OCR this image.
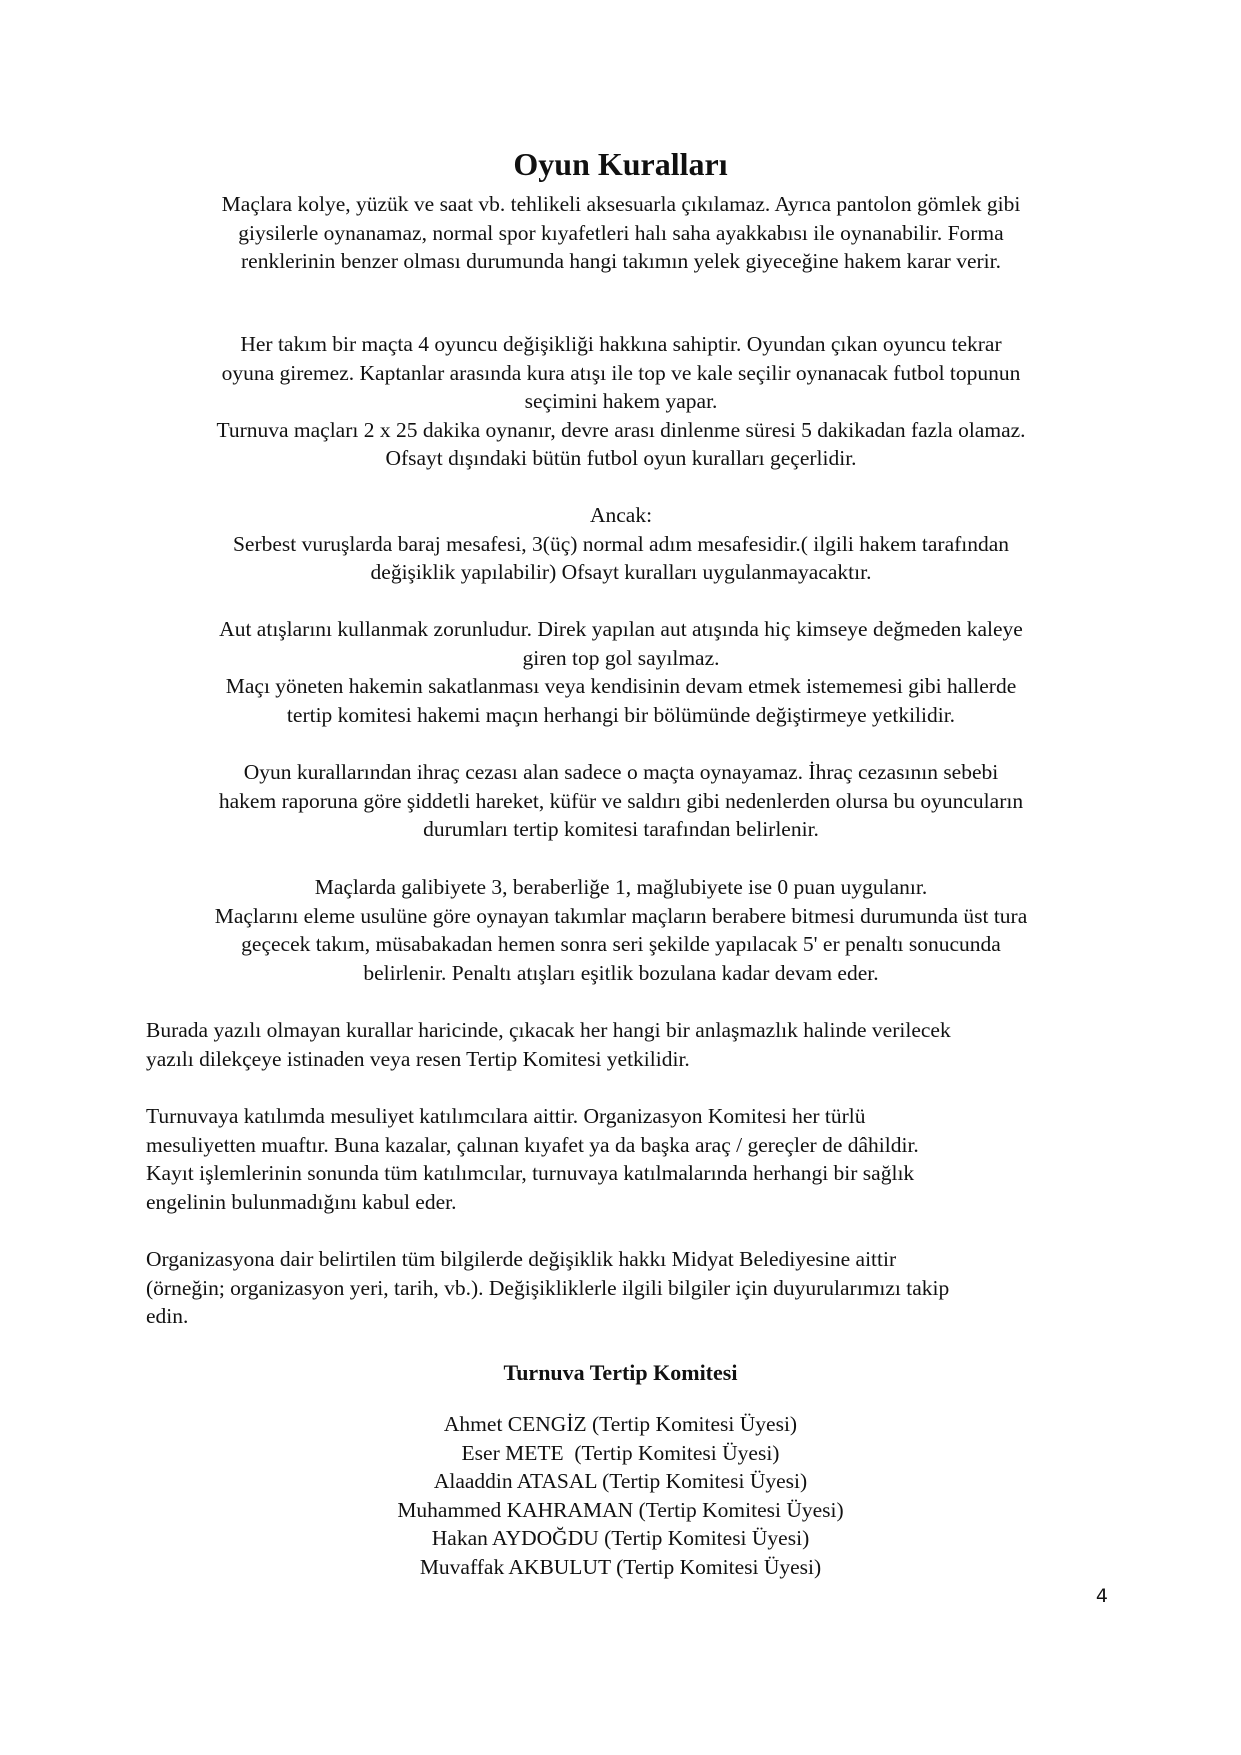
Oyun Kuralları
Maçlara kolye, yüzük ve saat vb. tehlikeli aksesuarla çıkılamaz. Ayrıca pantolon gömlek gibi
giysilerle oynanamaz, normal spor kıyafetleri halı saha ayakkabısı ile oynanabilir. Forma
renklerinin benzer olması durumunda hangi takımın yelek giyeceğine hakem karar verir.
Her takım bir maçta 4 oyuncu değişikliği hakkına sahiptir. Oyundan çıkan oyuncu tekrar
oyuna giremez. Kaptanlar arasında kura atışı ile top ve kale seçilir oynanacak futbol topunun
seçimini hakem yapar.
Turnuva maçları 2 x 25 dakika oynanır, devre arası dinlenme süresi 5 dakikadan fazla olamaz.
Ofsayt dışındaki bütün futbol oyun kuralları geçerlidir.
Ancak:
Serbest vuruşlarda baraj mesafesi, 3(üç) normal adım mesafesidir.( ilgili hakem tarafından
değişiklik yapılabilir) Ofsayt kuralları uygulanmayacaktır.
Aut atışlarını kullanmak zorunludur. Direk yapılan aut atışında hiç kimseye değmeden kaleye
giren top gol sayılmaz.
Maçı yöneten hakemin sakatlanması veya kendisinin devam etmek istememesi gibi hallerde
tertip komitesi hakemi maçın herhangi bir bölümünde değiştirmeye yetkilidir.
Oyun kurallarından ihraç cezası alan sadece o maçta oynayamaz. İhraç cezasının sebebi
hakem raporuna göre şiddetli hareket, küfür ve saldırı gibi nedenlerden olursa bu oyuncuların
durumları tertip komitesi tarafından belirlenir.
Maçlarda galibiyete 3, beraberliğe 1, mağlubiyete ise 0 puan uygulanır.
Maçlarını eleme usulüne göre oynayan takımlar maçların berabere bitmesi durumunda üst tura
geçecek takım, müsabakadan hemen sonra seri şekilde yapılacak 5' er penaltı sonucunda
belirlenir. Penaltı atışları eşitlik bozulana kadar devam eder.
Burada yazılı olmayan kurallar haricinde, çıkacak her hangi bir anlaşmazlık halinde verilecek
yazılı dilekçeye istinaden veya resen Tertip Komitesi yetkilidir.
Turnuvaya katılımda mesuliyet katılımcılara aittir. Organizasyon Komitesi her türlü
mesuliyetten muaftır. Buna kazalar, çalınan kıyafet ya da başka araç / gereçler de dâhildir.
Kayıt işlemlerinin sonunda tüm katılımcılar, turnuvaya katılmalarında herhangi bir sağlık
engelinin bulunmadığını kabul eder.
Organizasyona dair belirtilen tüm bilgilerde değişiklik hakkı Midyat Belediyesine aittir
(örneğin; organizasyon yeri, tarih, vb.). Değişikliklerle ilgili bilgiler için duyurularımızı takip
edin.
Turnuva Tertip Komitesi
Ahmet CENGİZ (Tertip Komitesi Üyesi)
Eser METE  (Tertip Komitesi Üyesi)
Alaaddin ATASAL (Tertip Komitesi Üyesi)
Muhammed KAHRAMAN (Tertip Komitesi Üyesi)
Hakan AYDOĞDU (Tertip Komitesi Üyesi)
Muvaffak AKBULUT (Tertip Komitesi Üyesi)
4
